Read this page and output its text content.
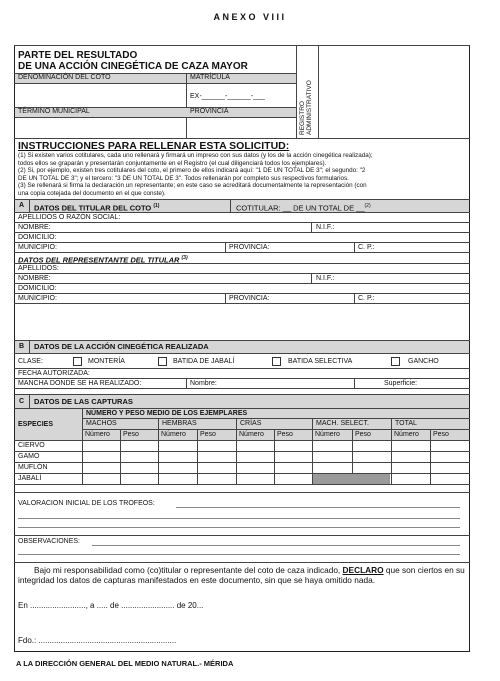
ANEXO VIII
PARTE DEL RESULTADO
DE UNA ACCIÓN CINEGÉTICA DE CAZA MAYOR
DENOMINACIÓN DEL COTO	MATRÍCULA
EX-______-______-___
TÉRMINO MUNICIPAL	PROVINCIA	REGISTRO ADMINISTRATIVO
INSTRUCCIONES PARA RELLENAR ESTA SOLICITUD:
(1) Si existen varios cotitulares, cada uno rellenará y firmará un impreso con sus datos (y los de la acción cinegética realizada);
todos ellos se graparán y presentarán conjuntamente en el Registro (el cual diligenciará todos los ejemplares).
(2) Si, por ejemplo, existen tres cotitulares del coto, el primero de ellos indicará aquí: "1 DE UN TOTAL DE 3"; el segundo: "2
DE UN TOTAL DE 3"; y el tercero: "3 DE UN TOTAL DE 3". Todos rellenarán por completo sus respectivos formularios.
(3) Se rellenará si firma la declaración un representante; en este caso se acreditará documentalmente la representación (con
una copia cotejada del documento en el que conste).
A DATOS DEL TITULAR DEL COTO $^{(1)}$	COTITULAR: __ DE UN TOTAL DE __$^{(2)}$
APELLIDOS O RAZÓN SOCIAL:
NOMBRE:	N.I.F.:
DOMICILIO:
MUNICIPIO:	PROVINCIA:	C. P.:
DATOS DEL REPRESENTANTE DEL TITULAR $^{(3)}$
APELLIDOS:
NOMBRE:	N.I.F.:
DOMICILIO:
MUNICIPIO:	PROVINCIA:	C. P.:
B DATOS DE LA ACCIÓN CINEGÉTICA REALIZADA
CLASE:	MONTERÍA	BATIDA DE JABALÍ	BATIDA SELECTIVA	GANCHO
FECHA AUTORIZADA:
MANCHA DONDE SE HA REALIZADO:	Nombre:	Superficie:
C DATOS DE LAS CAPTURAS
ESPECIES
NÚMERO Y PESO MEDIO DE LOS EJEMPLARES
MACHOS	HEMBRAS	CRÍAS	MACH. SELECT.	TOTAL
Número Peso	Número Peso	Número Peso	Número Peso	Número Peso
CIERVO
GAMO
MUFLÓN
JABALÍ
VALORACION INICIAL DE LOS TROFEOS:
OBSERVACIONES:
Bajo mi responsabilidad como (co)titular o representante del coto de caza indicado, DECLARO que son ciertos en su integridad los datos de capturas manifestados en este documento, sin que se haya omitido nada.
En ........................., a ..... de ........................ de 20...
Fdo.: ..............................................................
A LA DIRECCIÓN GENERAL DEL MEDIO NATURAL.- MÉRIDA
